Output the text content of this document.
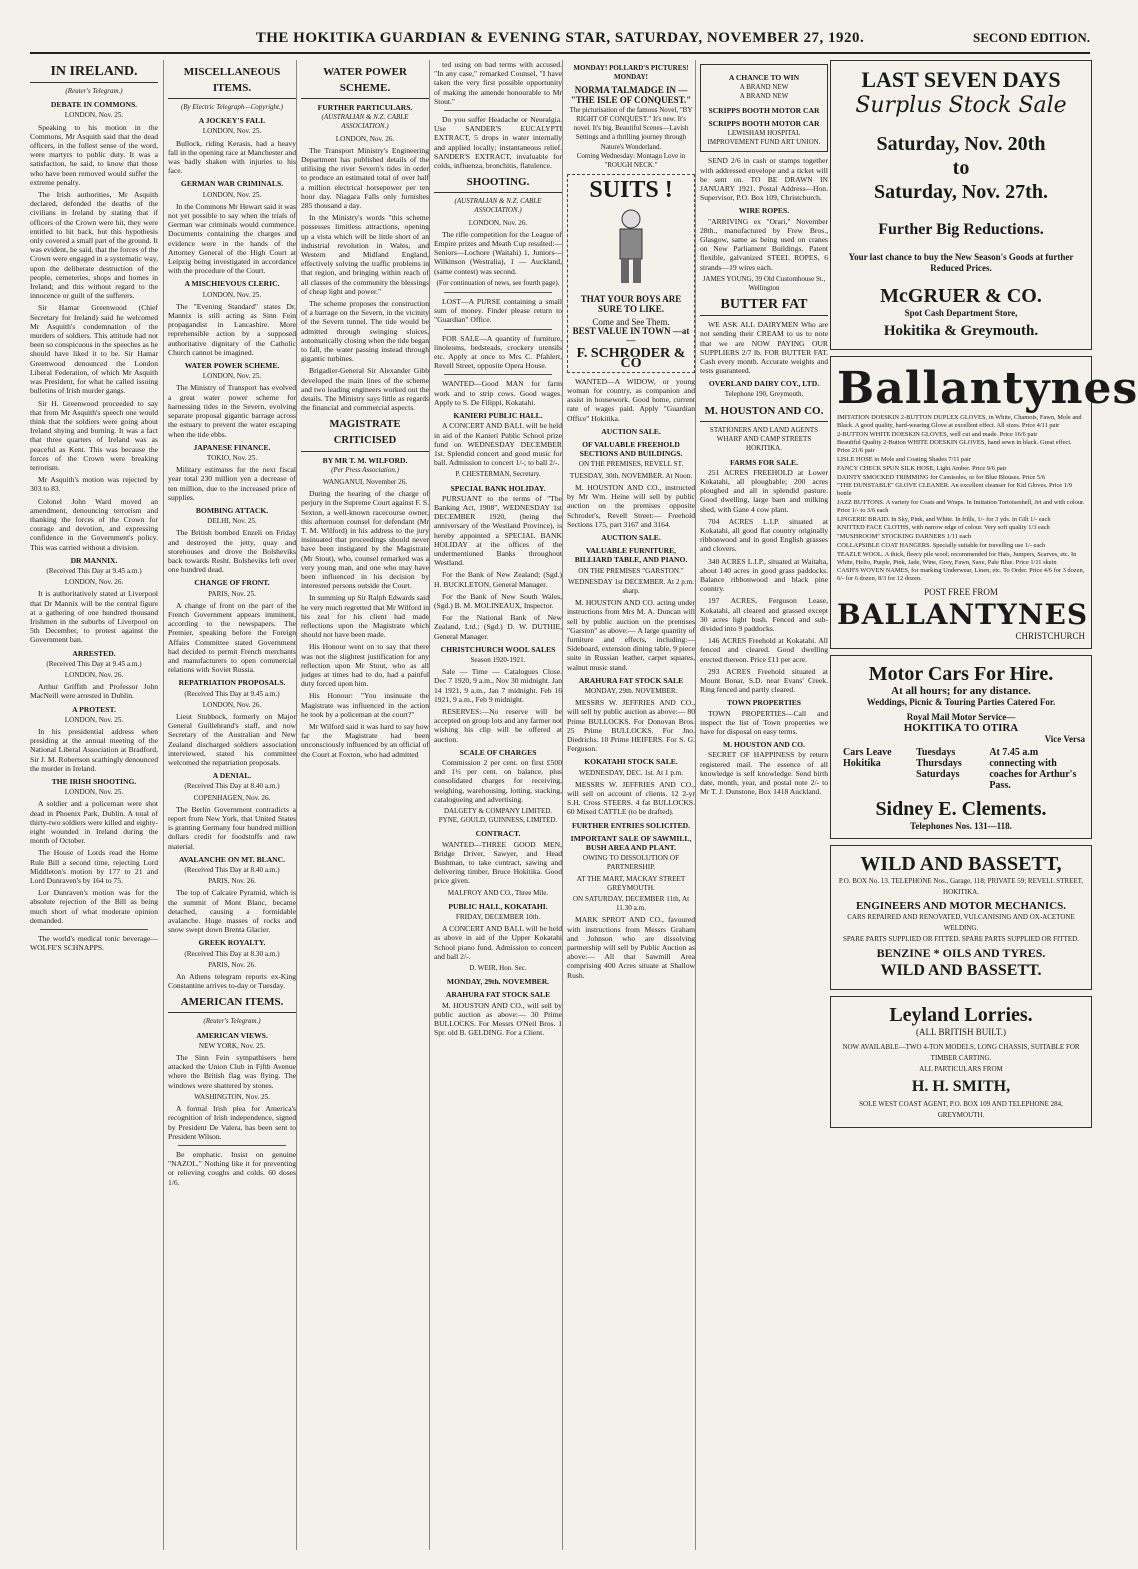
THE HOKITIKA GUARDIAN & EVENING STAR, SATURDAY, NOVEMBER 27, 1920.	SECOND EDITION.
IN IRELAND.
(Reuter's Telegram.)
DEBATE IN COMMONS.
LONDON, Nov. 25.

Speaking to his motion in the Commons, Mr Asquith said that the dead officers, in the fullest sense of the word, were martyrs to public duty. It was a satisfaction, he said, to know that those who have been removed would suffer the extreme penalty.

The Irish authorities, Mr Asquith declared, defended the deaths of the civilians in Ireland by stating that if officers of the Crown were hit, they were entitled to hit back, but this hypothesis only covered a small part of the ground. It was evident, he said, that the forces of the Crown were engaged in a systematic way, upon the deliberate destruction of the people, cemeteries, shops and homes in Ireland; and this without regard to the innocence or guilt of the sufferers.

Sir Hamar Greenwood (Chief Secretary for Ireland) said he welcomed Mr Asquith's condemnation of the murders of soldiers. This attitude had not been so conspicuous in the speeches as he should have liked it to be. Sir Hamar Greenwood denounced the London Liberal Federation, of which Mr Asquith was President, for what he called issuing bulletins of Irish murder gangs.

Sir H. Greenwood proceeded to say that from Mr Asquith's speech one would think that the soldiers were going about Ireland shying and burning. It was a fact that three quarters of Ireland was as peaceful as Kent. This was because the forces of the Crown were breaking terrorism.

Mr Asquith's motion was rejected by 303 to 83.

Colonel John Ward moved an amendment, denouncing terrorism and thanking the forces of the Crown for courage and devotion, and expressing confidence in the Government's policy. This was carried without a division.

DR MANNIX.
(Received This Day at 9.45 a.m.)
LONDON, Nov. 26.

It is authoritatively stated at Liverpool that Dr Mannix will be the central figure at a gathering of one hundred thousand Irishmen in the suburbs of Liverpool on 5th December, to protest against the Government ban.

ARRESTED.
(Received This Day at 9.45 a.m.)
LONDON, Nov. 26.

Arthur Griffith and Professor John MacNeill were arrested in Dublin.

A PROTEST.
LONDON, Nov. 25.

In his presidential address when presiding at the annual meeting of the National Liberal Association at Bradford, Sir J. M. Robertson scathingly denounced the murder in Ireland.

THE IRISH SHOOTING.
LONDON, Nov. 25.

A soldier and a policeman were shot dead in Phoenix Park, Dublin. A total of thirty-two soldiers were killed and eighty-eight wounded in Ireland during the month of October.

The House of Lords read the Home Rule Bill a second time, rejecting Lord Middleton's motion by 177 to 21 and Lord Dunraven's by 164 to 75.

Lor Dunraven's motion was for the absolute rejection of the Bill as being much short of what moderate opinion demanded.

The world's medical tonic beverage—WOLFE'S SCHNAPPS.

MISCELLANEOUS ITEMS.
(By Electric Telegraph—Copyright.)
A JOCKEY'S FALL
LONDON, Nov. 25.

Bullock, riding Kerasis, had a heavy fall in the opening race at Manchester and was badly shaken with injuries to his face.

GERMAN WAR CRIMINALS.
LONDON, Nov. 25.

In the Commons Mr Hewart said it was not yet possible to say when the trials of German war criminals would commence. Documents containing the charges and evidence were in the hands of the Attorney General of the High Court at Leipzig being investigated in accordance with the procedure of the Court.

A MISCHIEVOUS CLERIC.
LONDON, Nov. 25.

The "Evening Standard" states Dr. Mannix is still acting as Sinn Fein propagandist in Lancashire. More reprehensible action by a supposed authoritative dignitary of the Catholic Church cannot be imagined.

WATER POWER SCHEME.
LONDON, Nov. 25.

The Ministry of Transport has evolved a great water power scheme for harnessing tides in the Severn, evolving separate proposal gigantic barrage across the estuary to prevent the water escaping when the tide ebbs.

JAPANESE FINANCE.
TOKIO, Nov. 25.

Military estimates for the next fiscal year total 230 million yen a decrease of ten million, due to the increased price of supplies.

BOMBING ATTACK.
DELHI, Nov. 25.

The British bombed Enzeli on Friday and destroyed the jetty, quay and storehouses and drove the Bolsheviks back towards Resht. Bolsheviks left over one hundred dead.

CHANGE OF FRONT.
PARIS, Nov. 25.

A change of front on the part of the French Government appears imminent, according to the newspapers. The Premier, speaking before the Foreign Affairs Committee stated Government had decided to permit French merchants and manufacturers to open commercial relations with Soviet Russia.

REPATRIATION PROPOSALS.
(Received This Day at 9.45 a.m.)
LONDON, Nov. 26.

Lieut Stubbock, formerly on Major General Guillebrand's staff, and now Secretary of the Australian and New Zealand discharged soldiers association interviewed, stated his committee welcomed the repatriation proposals.

A DENIAL.
(Received This Day at 8.40 a.m.)
COPENHAGEN, Nov. 26.

The Berlin Government contradicts a report from New York, that United States is granting Germany four hundred million dollars credit for foodstuffs and raw material.

AVALANCHE ON MT. BLANC.
(Received This Day at 8.40 a.m.)
PARIS, Nov. 26.

The top of Calcaire Pyramid, which is the summit of Mont Blanc, became detached, causing a formidable avalanche. Huge masses of rocks and snow swept down Brenta Glacier.

GREEK ROYALTY.
(Received This Day at 8.30 a.m.)
PARIS, Nov. 26.

An Athens telegram reports ex-King Constantine arrives to-day or Tuesday.

AMERICAN ITEMS.
(Reuter's Telegram.)
AMERICAN VIEWS.
NEW YORK, Nov. 25.

The Sinn Fein sympathisers here attacked the Union Club in Fifth Avenue where the British flag was flying. The windows were shattered by stones.

WASHINGTON, Nov. 25.

A formal Irish plea for America's recognition of Irish independence, signed by President De Valera, has been sent to President Wilson.

Be emphatic. Insist on genuine "NAZOL." Nothing like it for preventing or relieving coughs and colds. 60 doses 1/6.

WATER POWER SCHEME.
FURTHER PARTICULARS.
(AUSTRALIAN & N.Z. CABLE ASSOCIATION.)
LONDON, Nov. 26.

The Transport Ministry's Engineering Department has published details of the utilising the river Severn's tides in order to produce an estimated total of over half a million electrical horsepower per ten hour day. Niagara Falls only furnishes 285 thousand a day.

In the Ministry's words "this scheme possesses limitless attractions, opening up a vista which will be little short of an industrial revolution in Wales, and Western and Midland England, effectively solving the traffic problems in that region, and bringing within reach of all classes of the community the blessings of cheap light and power."

The scheme proposes the construction of a barrage on the Severn, in the vicinity of the Severn tunnel. The tide would be admitted through swinging sluices, automatically closing when the tide began to fall, the water passing instead through gigantic turbines.

Brigadier-General Sir Alexander Gibb developed the main lines of the scheme and two leading engineers worked out the details. The Ministry says little as regards the financial and commercial aspects.

MAGISTRATE CRITICISED
BY MR T. M. WILFORD.
(Per Press Association.)
WANGANUI, November 26.

During the hearing of the charge of perjury in the Supreme Court against F. S. Sexton, a well-known racecourse owner, this afternoon counsel for defendant (Mr T. M. Wilford) in his address to the jury insinuated that proceedings should never have been instigated by the Magistrate (Mr Stout), who, counsel remarked was a very young man, and one who may have been influenced in his decision by interested persons outside the Court.

In summing up Sir Ralph Edwards said he very much regretted that Mr Wilford in his zeal for his client had made reflections upon the Magistrate which should not have been made.

His Honour went on to say that there was not the slightest justification for any reflection upon Mr Stout, who as all judges at times had to do, had a painful duty forced upon him.

His Honour: "You insinuate the Magistrate was influenced in the action he took by a policeman at the court?"

Mr Wilford said it was hard to say how far the Magistrate had been unconsciously influenced by an official of the Court at Foxton, who had admitted

ted using on bad terms with accused. "In any case," remarked Counsel, "I have taken the very first possible opportunity of making the amende honourable to Mr Stout."

Do you suffer Headache or Neuralgia. Use SANDER'S EUCALYPTI EXTRACT, 5 drops in water internally and applied locally; instantaneous relief. SANDER'S EXTRACT, invaluable for colds, influenza, bronchitis, flatulence.

SHOOTING.
(AUSTRALIAN & N.Z. CABLE ASSOCIATION.)
LONDON, Nov. 26.

The rifle competition for the League of Empire prizes and Meath Cup resulted:—Seniors—Lochore (Waitahi) 1, Juniors—Wilkinson (Westralia), 1 — Auckland, (same contest) was second.

(For continuation of news, see fourth page).

LOST—A PURSE containing a small sum of money. Finder please return to "Guardian" Office.

FOR SALE—A quantity of furniture, linoleums, bedsteads, crockery utensils etc. Apply at once to Mrs C. Pfahlert, Revell Street, opposite Opera House.

WANTED—Good MAN for farm work and to strip cows. Good wages. Apply to S. De Filippi, Kokatahi.

KANIERI PUBLIC HALL.

A CONCERT AND BALL will be held in aid of the Kanieri Public School prize fund on WEDNESDAY DECEMBER 1st. Splendid concert and good music for ball. Admission to concert 1/-; to ball 2/-.

P. CHESTERMAN, Secretary.
SPECIAL BANK HOLIDAY.

PURSUANT to the terms of "The Banking Act, 1908", WEDNESDAY 1st DECEMBER 1920, (being the anniversary of the Westland Province), is hereby appointed a SPECIAL BANK HOLIDAY at the offices of the undermentioned Banks throughout Westland.

For the Bank of New Zealand; (Sgd.) H. BUCKLETON, General Manager.

For the Bank of New South Wales, (Sgd.) B. M. MOLINEAUX, Inspector.

For the National Bank of New Zealand, Ltd.; (Sgd.) D. W. DUTHIE, General Manager.

CHRISTCHURCH WOOL SALES
Season 1920-1921.

Sale — Time — Catalogues Close. Dec 7 1920, 9 a.m., Nov 30 midnight. Jan 14 1921, 9 a.m., Jan 7 midnight. Feb 16 1921, 9 a.m., Feb 9 midnight.

RESERVES:—No reserve will be accepted on group lots and any farmer not wishing his clip will be offered at auction.

SCALE OF CHARGES

Commission 2 per cent. on first £500 and 1½ per cent. on balance, plus consolidated charges for receiving, weighing, warehousing, lotting, stacking, catalogueing and advertising.

DALGETY & COMPANY LIMITED. PYNE, GOULD, GUINNESS, LIMITED.
CONTRACT.

WANTED—THREE GOOD MEN, Bridge Driver, Sawyer, and Head Bushman, to take contract, sawing and delivering timber, Bruce Hokitika. Good price given.

MALFROY AND CO., Three Mile.
PUBLIC HALL, KOKATAHI.
FRIDAY, DECEMBER 10th.

A CONCERT AND BALL will be held as above in aid of the Upper Kokatahi School piano fund. Admission to concert and ball 2/-.

D. WEIR, Hon. Sec.
MONDAY, 29th. NOVEMBER.
ARAHURA FAT STOCK SALE

M. HOUSTON AND CO., will sell by public auction as above:— 30 Prime BULLOCKS. For Messrs O'Neil Bros. 1 Spr. old B. GELDING. For a Client.

MONDAY! POLLARD'S PICTURES! MONDAY!
NORMA TALMADGE IN — "THE ISLE OF CONQUEST."
The picturisation of the famous Novel, "BY RIGHT OF CONQUEST." It's new. It's novel. It's big. Beautiful Scenes—Lavish Settings and a thrilling journey through Nature's Wonderland.
Coming Wednesday: Montagu Love in "ROUGH NECK."
SUITS !
THAT YOUR BOYS ARE SURE TO LIKE.
Come and See Them.
BEST VALUE IN TOWN —at—
F. SCHRODER & CO

WANTED—A WIDOW, or young woman for country, as companion and assist in housework. Good home, current rate of wages paid. Apply "Guardian Office" Hokitika.

AUCTION SALE.
OF VALUABLE FREEHOLD SECTIONS AND BUILDINGS.
ON THE PREMISES, REVELL ST.
TUESDAY, 30th. NOVEMBER. At Noon.

M. HOUSTON AND CO., instructed by Mr Wm. Heine will sell by public auction on the premises opposite Schroder's, Revell Street:— Freehold Sections 175, part 3167 and 3164.

AUCTION SALE.
VALUABLE FURNITURE, BILLIARD TABLE, AND PIANO.
ON THE PREMISES "GARSTON."
WEDNESDAY 1st DECEMBER. At 2 p.m. sharp.

M. HOUSTON AND CO. acting under instructions from Mrs M. A. Duncan will sell by public auction on the premises "Garston" as above:— A large quantity of furniture and effects, including:—Sideboard, extension dining table, 9 piece suite in Russian leather, carpet squares, walnut music stand.

ARAHURA FAT STOCK SALE
MONDAY, 29th. NOVEMBER.

MESSRS W. JEFFRIES AND CO., will sell by public auction as above:— 80 Prime BULLOCKS. For Donovan Bros. 25 Prime BULLOCKS. For Jno. Diedrichs. 10 Prime HEIFERS. For S. G. Ferguson.

KOKATAHI STOCK SALE.
WEDNESDAY, DEC. 1st. At 1 p.m.

MESSRS W. JEFFRIES AND CO., will sell on account of clients. 12 2-yr S.H. Cross STEERS. 4 fat BULLOCKS. 60 Mixed CATTLE (to be drafted).

FURTHER ENTRIES SOLICITED.
IMPORTANT SALE OF SAWMILL, BUSH AREA AND PLANT.
OWING TO DISSOLUTION OF PARTNERSHIP.
AT THE MART, MACKAY STREET GREYMOUTH.
ON SATURDAY, DECEMBER 11th, At 11.30 a.m.

MARK SPROT AND CO., favoured with instructions from Messrs Graham and Johnson who are dissolving partnership will sell by Public Auction as above:— All that Sawmill Area comprising 400 Acres situate at Shallow Rush.

A CHANCE TO WIN
A BRAND NEW
A BRAND NEW
SCRIPPS BOOTH MOTOR CAR
SCRIPPS BOOTH MOTOR CAR
LEWISHAM HOSPITAL IMPROVEMENT FUND ART UNION.

SEND 2/6 in cash or stamps together with addressed envelope and a ticket will be sent on. TO BE DRAWN IN JANUARY 1921. Postal Address—Hon. Supervisor, P.O. Box 109, Christchurch.

WIRE ROPES.

"ARRIVING ex "Orari," November 28th., manufactured by Frew Bros., Glasgow, same as being used on cranes on New Parliament Buildings. Patent flexible, galvanized STEEL ROPES, 6 strands—19 wires each.

JAMES YOUNG, 39 Old Customhouse St., Wellington
BUTTER FAT

WE ASK ALL DAIRYMEN Who are not sending their CREAM to us to note that we are NOW PAYING OUR SUPPLIERS 2/7 lb. FOR BUTTER FAT. Cash every month. Accurate weights and tests guaranteed.

OVERLAND DAIRY COY., LTD.
Telephone 190, Greymouth.
M. HOUSTON AND CO.
STATIONERS AND LAND AGENTS
WHARF AND CAMP STREETS HOKITIKA.
FARMS FOR SALE.

251 ACRES FREEHOLD at Lower Kokatahi, all ploughable; 200 acres ploughed and all in splendid pasture. Good dwelling, large barn and milking shed, with Gane 4 cow plant.

704 ACRES L.I.P. situated at Kokatahi, all good flat country originally ribbonwood and in good English grasses and clovers.

340 ACRES L.I.P., situated at Waitaha, about 140 acres in good grass paddocks. Balance ribbonwood and black pine country.

197 ACRES, Ferguson Lease, Kokatahi, all cleared and grassed except 30 acres light bush. Fenced and sub-divided into 9 paddocks.

146 ACRES Freehold at Kokatahi. All fenced and cleared. Good dwelling erected thereon. Price £11 per acre.

293 ACRES Freehold situated at Mount Bonar, S.D. near Evans' Creek. Ring fenced and partly cleared.

TOWN PROPERTIES

TOWN PROPERTIES—Call and inspect the list of Town properties we have for disposal on easy terms.

M. HOUSTON AND CO.

SECRET OF HAPPINESS by return registered mail. The essence of all knowledge is self knowledge. Send birth date, month, year, and postal note 2/- to Mr T. J. Dunstone, Box 1418 Auckland.

LAST SEVEN DAYS
Surplus Stock Sale
Saturday, Nov. 20th
to
Saturday, Nov. 27th.
Further Big Reductions.
Your last chance to buy the New Season's Goods at further Reduced Prices.
McGRUER & CO.
Spot Cash Department Store,
Hokitika & Greymouth.
Ballantynes
IMITATION DOESKIN 2-BUTTON DUPLEX GLOVES, in White, Chamois, Fawn, Mole and Black. A good quality, hard-wearing Glove at excellent effect. All sizes. Price 4/11 pair
2-BUTTON WHITE DOESKIN GLOVES, well cut and made. Price 16/6 pair
Beautiful Quality 2-Button WHITE DOESKIN GLOVES, hand sewn in black. Great effect. Price 21/6 pair
LISLE HOSE in Mole and Coating Shades 7/11 pair
FANCY CHECK SPUN SILK HOSE, Light Amber. Price 9/6 pair
DAINTY SMOCKED TRIMMING for Camisoles, or for Blue Blouses. Price 5/6
"THE DUNSTABLE" GLOVE CLEANER. An excellent cleanser for Kid Gloves. Price 1/9 bottle
JAZZ BUTTONS. A variety for Coats and Wraps. In Imitation Tortoiseshell, Jet and with colour. Price 1/- to 3/6 each
LINGERIE BRAID. In Sky, Pink, and White. In frills, 1/- for 3 yds. in Gilt 1/- each
KNITTED FACE CLOTHS, with narrow edge of colour. Very soft quality 1/3 each
"MUSHROOM" STOCKING DARNERS 1/11 each
COLLAPSIBLE COAT HANGERS. Specially suitable for travelling use 1/- each
TEAZLE WOOL. A thick, fleecy pile wool; recommended for Hats, Jumpers, Scarves, etc. In White, Helio, Purple, Pink, Jade, Wine, Grey, Fawn, Saxe, Pale Blue. Price 1/11 skein
CASH'S WOVEN NAMES, for marking Underwear, Linen, etc. To Order. Price 4/6 for 3 dozen, 6/- for 6 dozen, 8/3 for 12 dozen.
POST FREE FROM
BALLANTYNES
CHRISTCHURCH
Motor Cars For Hire.
At all hours; for any distance.
Weddings, Picnic & Touring Parties Catered For.
Royal Mail Motor Service—
HOKITIKA TO OTIRA
Vice Versa
Cars Leave Hokitika
Tuesdays Thursdays Saturdays
At 7.45 a.m connecting with coaches for Arthur's Pass.
Sidney E. Clements.
Telephones Nos. 131—118.
WILD AND BASSETT,
P.O. BOX No. 13. TELEPHONE Nos., Garage, 118; PRIVATE 59; REVELL STREET, HOKITIKA.
ENGINEERS AND MOTOR MECHANICS.
CARS REPAIRED AND RENOVATED, VULCANISING AND OX-ACETONE WELDING.
SPARE PARTS SUPPLIED OR FITTED. SPARE PARTS SUPPLIED OR FITTED.
BENZINE * OILS AND TYRES.
WILD AND BASSETT.
Leyland Lorries.
(ALL BRITISH BUILT.)
NOW AVAILABLE—TWO 4-TON MODELS, LONG CHASSIS, SUITABLE FOR TIMBER CARTING.
ALL PARTICULARS FROM
H. H. SMITH,
SOLE WEST COAST AGENT, P.O. BOX 109 AND TELEPHONE 284, GREYMOUTH.
